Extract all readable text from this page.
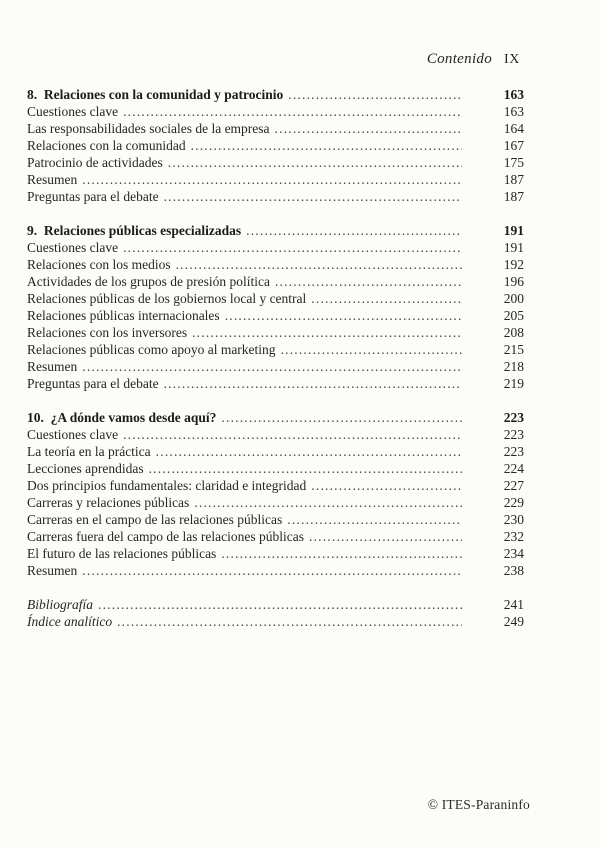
Contenido IX
8.  Relaciones con la comunidad y patrocinio .....	163
Cuestiones clave .....	163
Las responsabilidades sociales de la empresa .....	164
Relaciones con la comunidad .....	167
Patrocinio de actividades .....	175
Resumen .....	187
Preguntas para el debate .....	187
9.  Relaciones públicas especializadas .....	191
Cuestiones clave .....	191
Relaciones con los medios .....	192
Actividades de los grupos de presión política .....	196
Relaciones públicas de los gobiernos local y central .....	200
Relaciones públicas internacionales .....	205
Relaciones con los inversores .....	208
Relaciones públicas como apoyo al marketing .....	215
Resumen .....	218
Preguntas para el debate .....	219
10.  ¿A dónde vamos desde aquí? .....	223
Cuestiones clave .....	223
La teoría en la práctica .....	223
Lecciones aprendidas .....	224
Dos principios fundamentales: claridad e integridad .....	227
Carreras y relaciones públicas .....	229
Carreras en el campo de las relaciones públicas .....	230
Carreras fuera del campo de las relaciones públicas .....	232
El futuro de las relaciones públicas .....	234
Resumen .....	238
Bibliografía .....	241
Índice analítico .....	249
© ITES-Paraninfo
